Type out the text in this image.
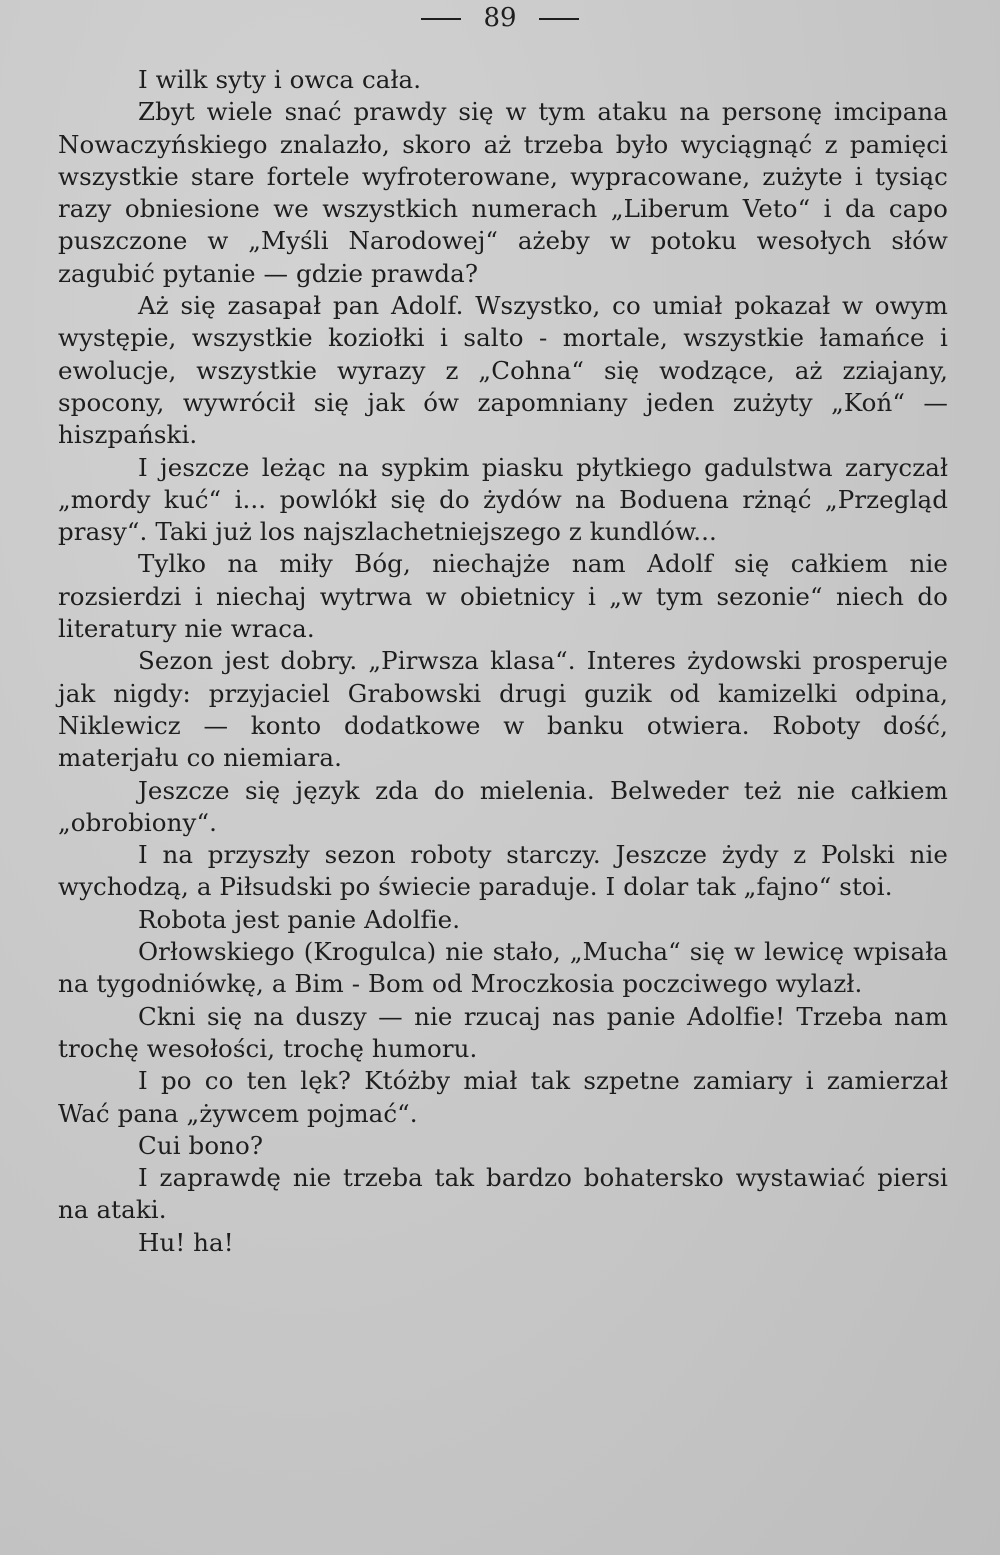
89

I wilk syty i owca cała.

Zbyt wiele snać prawdy się w tym ataku na personę imcipana Nowaczyńskiego znalazło, skoro aż trzeba było wyciągnąć z pamięci wszystkie stare fortele wyfroterowane, wypracowane, zużyte i tysiąc razy obniesione we wszystkich numerach „Liberum Veto“ i da capo puszczone w „Myśli Narodowej“ ażeby w potoku wesołych słów zagubić pytanie — gdzie prawda?

Aż się zasapał pan Adolf. Wszystko, co umiał pokazał w owym występie, wszystkie koziołki i salto - mortale, wszystkie łamańce i ewolucje, wszystkie wyrazy z „Cohna“ się wodzące, aż zziajany, spocony, wywrócił się jak ów zapomniany jeden zużyty „Koń“ — hiszpański.

I jeszcze leżąc na sypkim piasku płytkiego gadulstwa zaryczał „mordy kuć“ i... powlókł się do żydów na Boduena rżnąć „Przegląd prasy“. Taki już los najszlachetniejszego z kundlów...

Tylko na miły Bóg, niechajże nam Adolf się całkiem nie rozsierdzi i niechaj wytrwa w obietnicy i „w tym sezonie“ niech do literatury nie wraca.

Sezon jest dobry. „Pirwsza klasa“. Interes żydowski prosperuje jak nigdy: przyjaciel Grabowski drugi guzik od kamizelki odpina, Niklewicz — konto dodatkowe w banku otwiera. Roboty dość, materjału co niemiara.

Jeszcze się język zda do mielenia. Belweder też nie całkiem „obrobiony“.

I na przyszły sezon roboty starczy. Jeszcze żydy z Polski nie wychodzą, a Piłsudski po świecie paraduje. I dolar tak „fajno“ stoi.

Robota jest panie Adolfie.

Orłowskiego (Krogulca) nie stało, „Mucha“ się w lewicę wpisała na tygodniówkę, a Bim - Bom od Mroczkosia poczciwego wylazł.

Ckni się na duszy — nie rzucaj nas panie Adolfie! Trzeba nam trochę wesołości, trochę humoru.

I po co ten lęk? Któżby miał tak szpetne zamiary i zamierzał Wać pana „żywcem pojmać“.

Cui bono?

I zaprawdę nie trzeba tak bardzo bohatersko wystawiać piersi na ataki.

Hu! ha!
